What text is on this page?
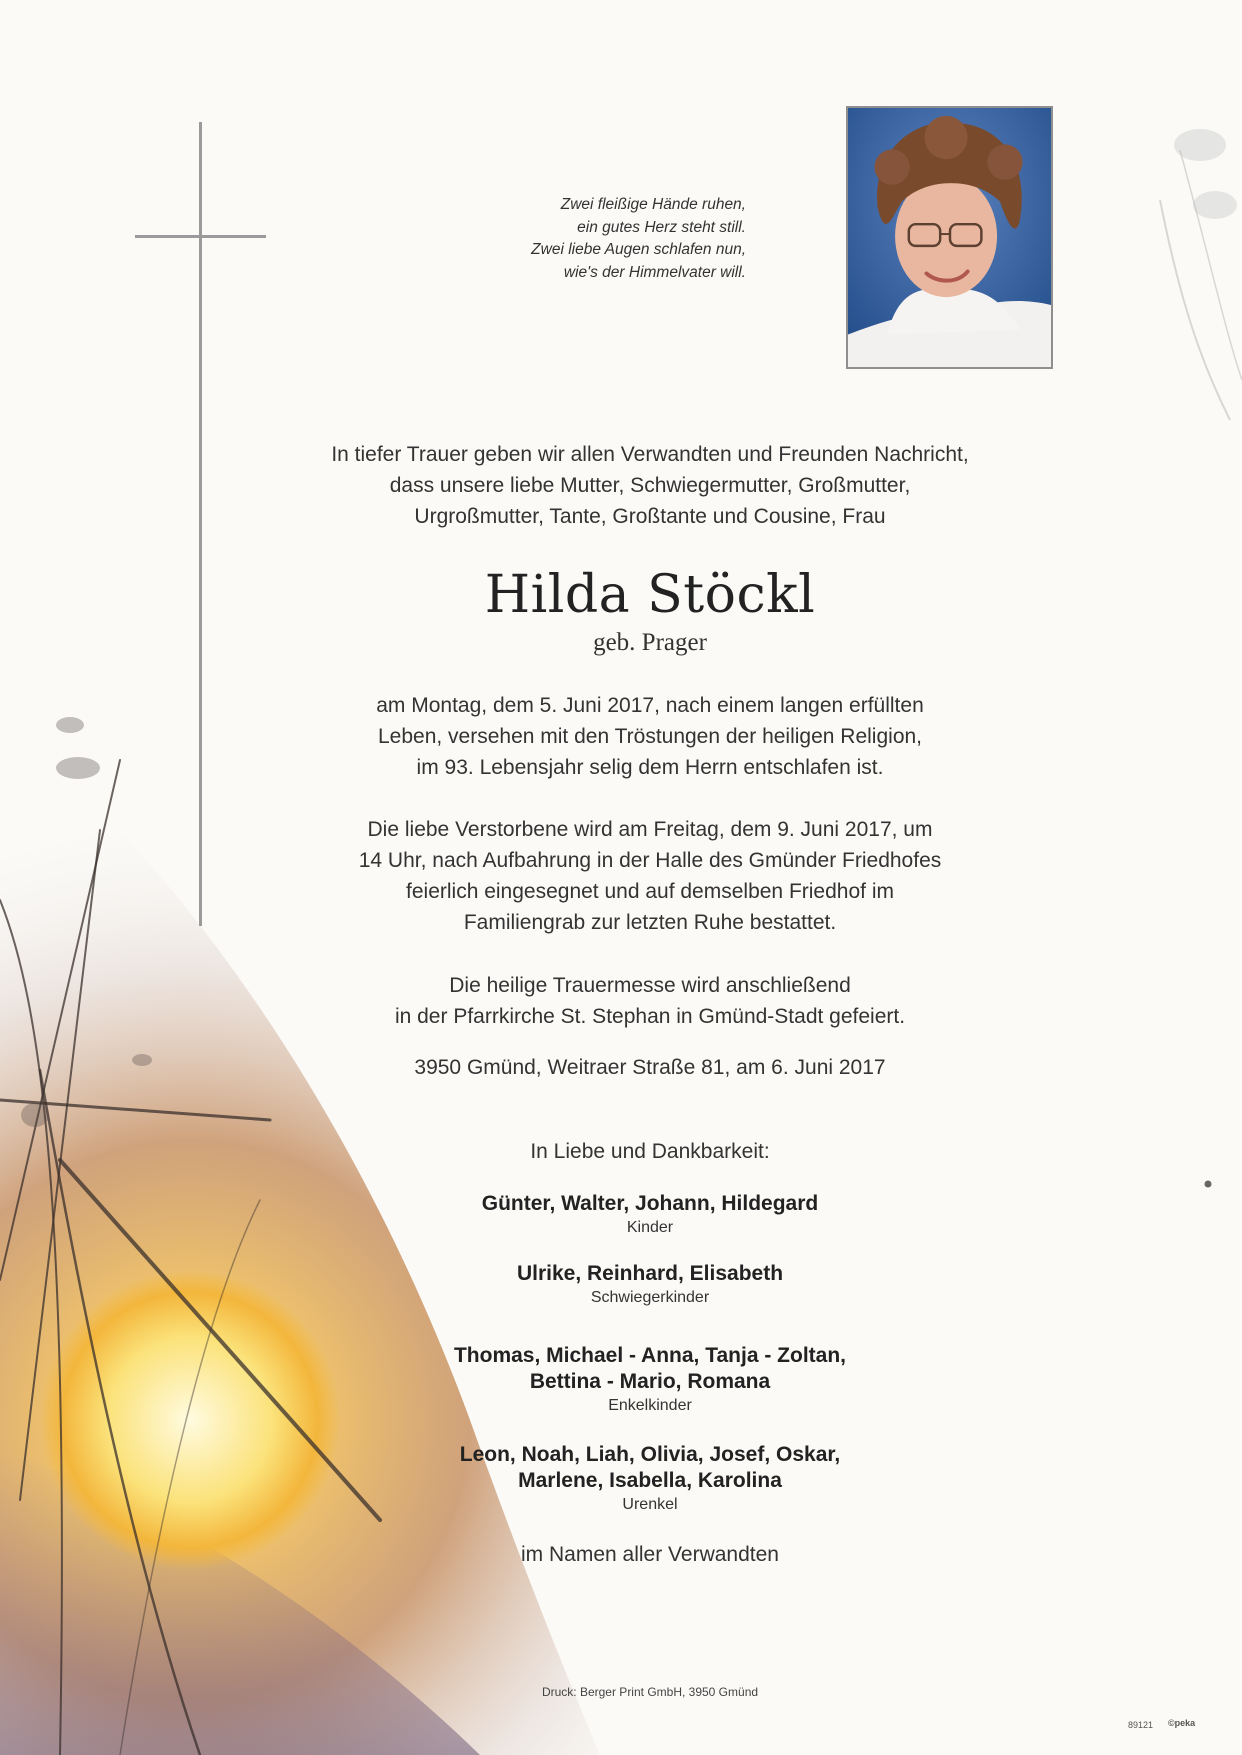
Zwei fleißige Hände ruhen,
ein gutes Herz steht still.
Zwei liebe Augen schlafen nun,
wie's der Himmelvater will.
In tiefer Trauer geben wir allen Verwandten und Freunden Nachricht,
dass unsere liebe Mutter, Schwiegermutter, Großmutter,
Urgroßmutter, Tante, Großtante und Cousine, Frau
Hilda Stöckl
geb. Prager
am Montag, dem 5. Juni 2017, nach einem langen erfüllten
Leben, versehen mit den Tröstungen der heiligen Religion,
im 93. Lebensjahr selig dem Herrn entschlafen ist.
Die liebe Verstorbene wird am Freitag, dem 9. Juni 2017, um
14 Uhr, nach Aufbahrung in der Halle des Gmünder Friedhofes
feierlich eingesegnet und auf demselben Friedhof im
Familiengrab zur letzten Ruhe bestattet.
Die heilige Trauermesse wird anschließend
in der Pfarrkirche St. Stephan in Gmünd-Stadt gefeiert.
3950 Gmünd, Weitraer Straße 81, am 6. Juni 2017
In Liebe und Dankbarkeit:
Günter, Walter, Johann, Hildegard
Kinder
Ulrike, Reinhard, Elisabeth
Schwiegerkinder
Thomas, Michael - Anna, Tanja - Zoltan,
Bettina - Mario, Romana
Enkelkinder
Leon, Noah, Liah, Olivia, Josef, Oskar,
Marlene, Isabella, Karolina
Urenkel
im Namen aller Verwandten
Druck: Berger Print GmbH, 3950 Gmünd
89121 ©peka
